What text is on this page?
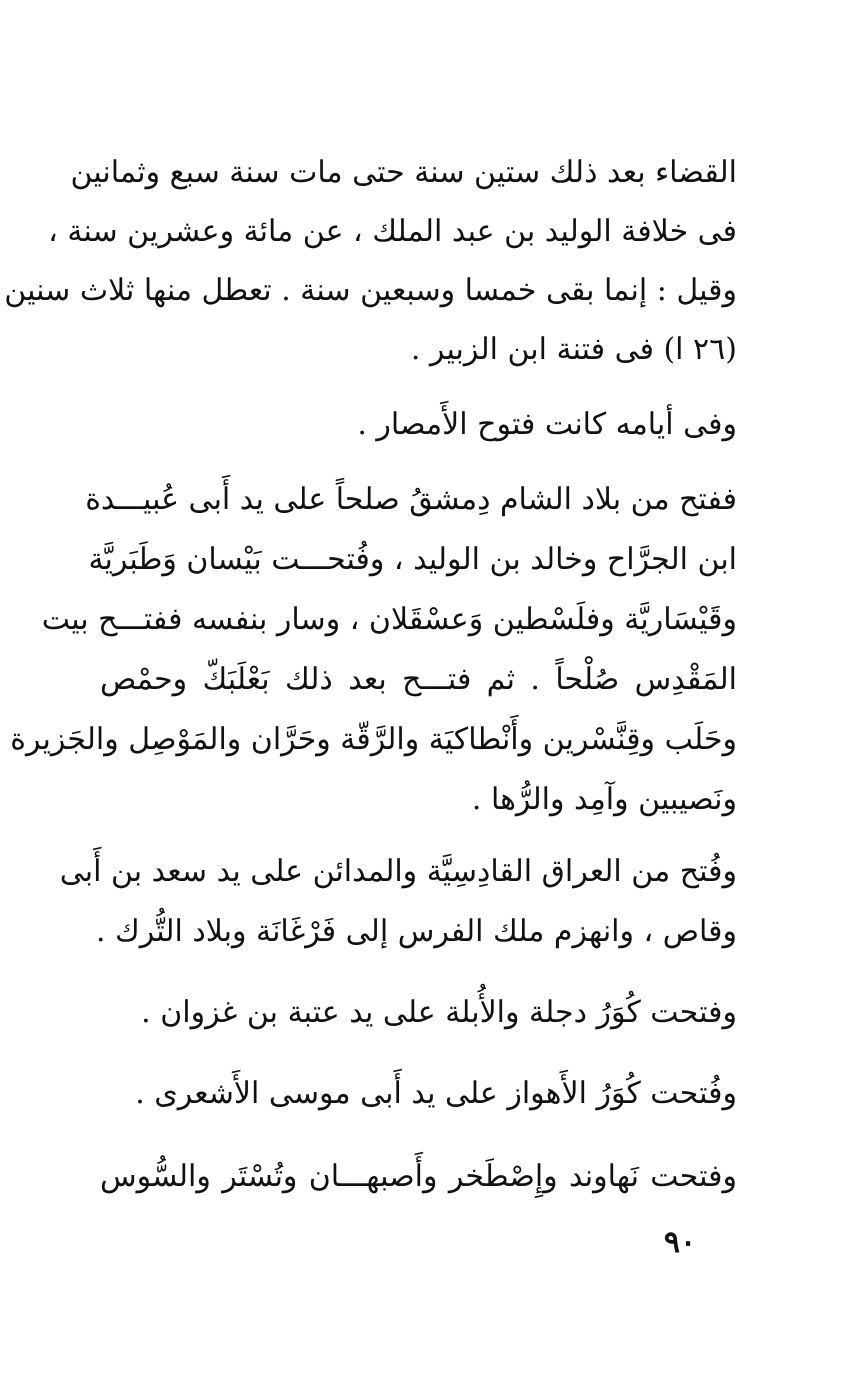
القضاء بعد ذلك ستين سنة حتى مات سنة سبع وثمانين
فى خلافة الوليد بن عبد الملك ، عن مائة وعشرين سنة ،
وقيل : إنما بقى خمسا وسبعين سنة . تعطل منها ثلاث سنين
(٢٦ ا) فى فتنة ابن الزبير .
وفى أيامه كانت فتوح الأَمصار .
ففتح من بلاد الشام دِمشقُ صلحاً على يد أَبى عُبيـــدة
ابن الجرَّاح وخالد بن الوليد ، وفُتحـــت بَيْسان وَطَبَريَّة
وقَيْسَاريَّة وفلَسْطين وَعسْقَلان ، وسار بنفسه ففتـــح بيت
المَقْدِس صُلْحاً . ثم فتـــح بعد ذلك بَعْلَبَكّ وحمْص
وحَلَب وقِنَّسْرين وأَنْطاكيَة والرَّقّة وحَرَّان والمَوْصِل والجَزيرة
ونَصيبين وآمِد والرُّها .
وفُتح من العراق القادِسِيَّة والمدائن على يد سعد بن أَبى
وقاص ، وانهزم ملك الفرس إلى فَرْغَانَة وبلاد التُّرك .
وفتحت كُوَرُ دجلة والأُبلة على يد عتبة بن غزوان .
وفُتحت كُوَرُ الأَهواز على يد أَبى موسى الأَشعرى .
وفتحت نَهاوند وإِصْطَخر وأَصبهـــان وتُسْتَر والسُّوس
٩٠
